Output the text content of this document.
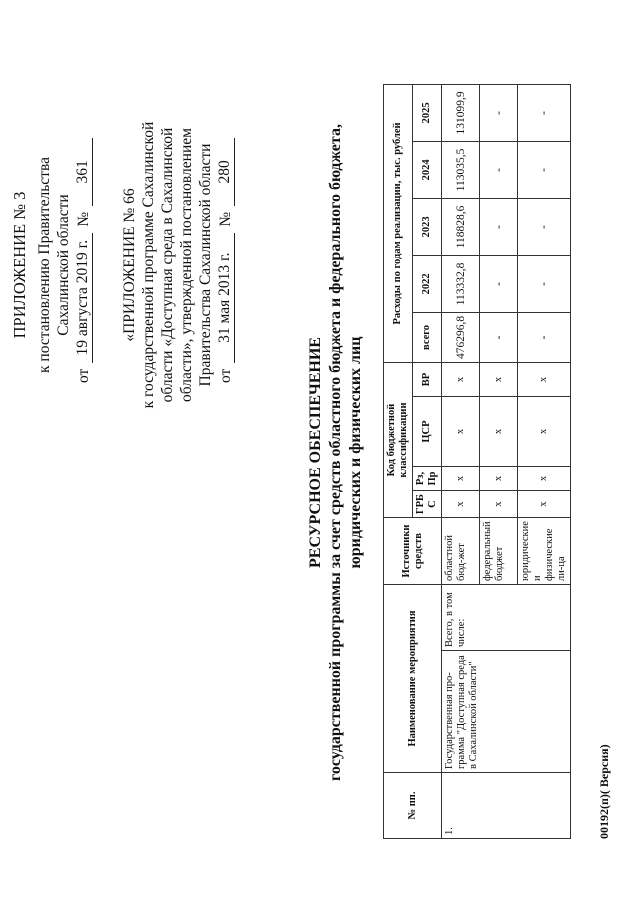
ПРИЛОЖЕНИЕ № 3 к постановлению Правительства Сахалинской области
от
19 августа 2019 г.
№
361
«ПРИЛОЖЕНИЕ № 66 к государственной программе Сахалинской области «Доступная среда в Сахалинской области», утвержденной постановлением Правительства Сахалинской области от
31 мая 2013 г.
№
280
РЕСУРСНОЕ ОБЕСПЕЧЕНИЕ государственной программы за счет средств областного бюджета и федерального бюджета, юридических и физических лиц
№ пп.	Наименование мероприятия		Источники средств	Код бюджетной классификации				Расходы по годам реализации, тыс. рублей				
				ГРБ С	Рз, Пр	ЦСР	ВР	всего	2022	2023	2024	2025
1.	Государственная про-грамма "Доступная среда в Сахалинской области"	Всего, в том числе:	областной бюд-жет	х	х	х	х	476296,8	113332,8	118828,6	113035,5	131099,9
			федеральный бюджет	х	х	х	х	-	-	-	-	-
			юридические и физические ли-ца	х	х	х	х	-	-	-	-	-
00192(п)( Версия)
